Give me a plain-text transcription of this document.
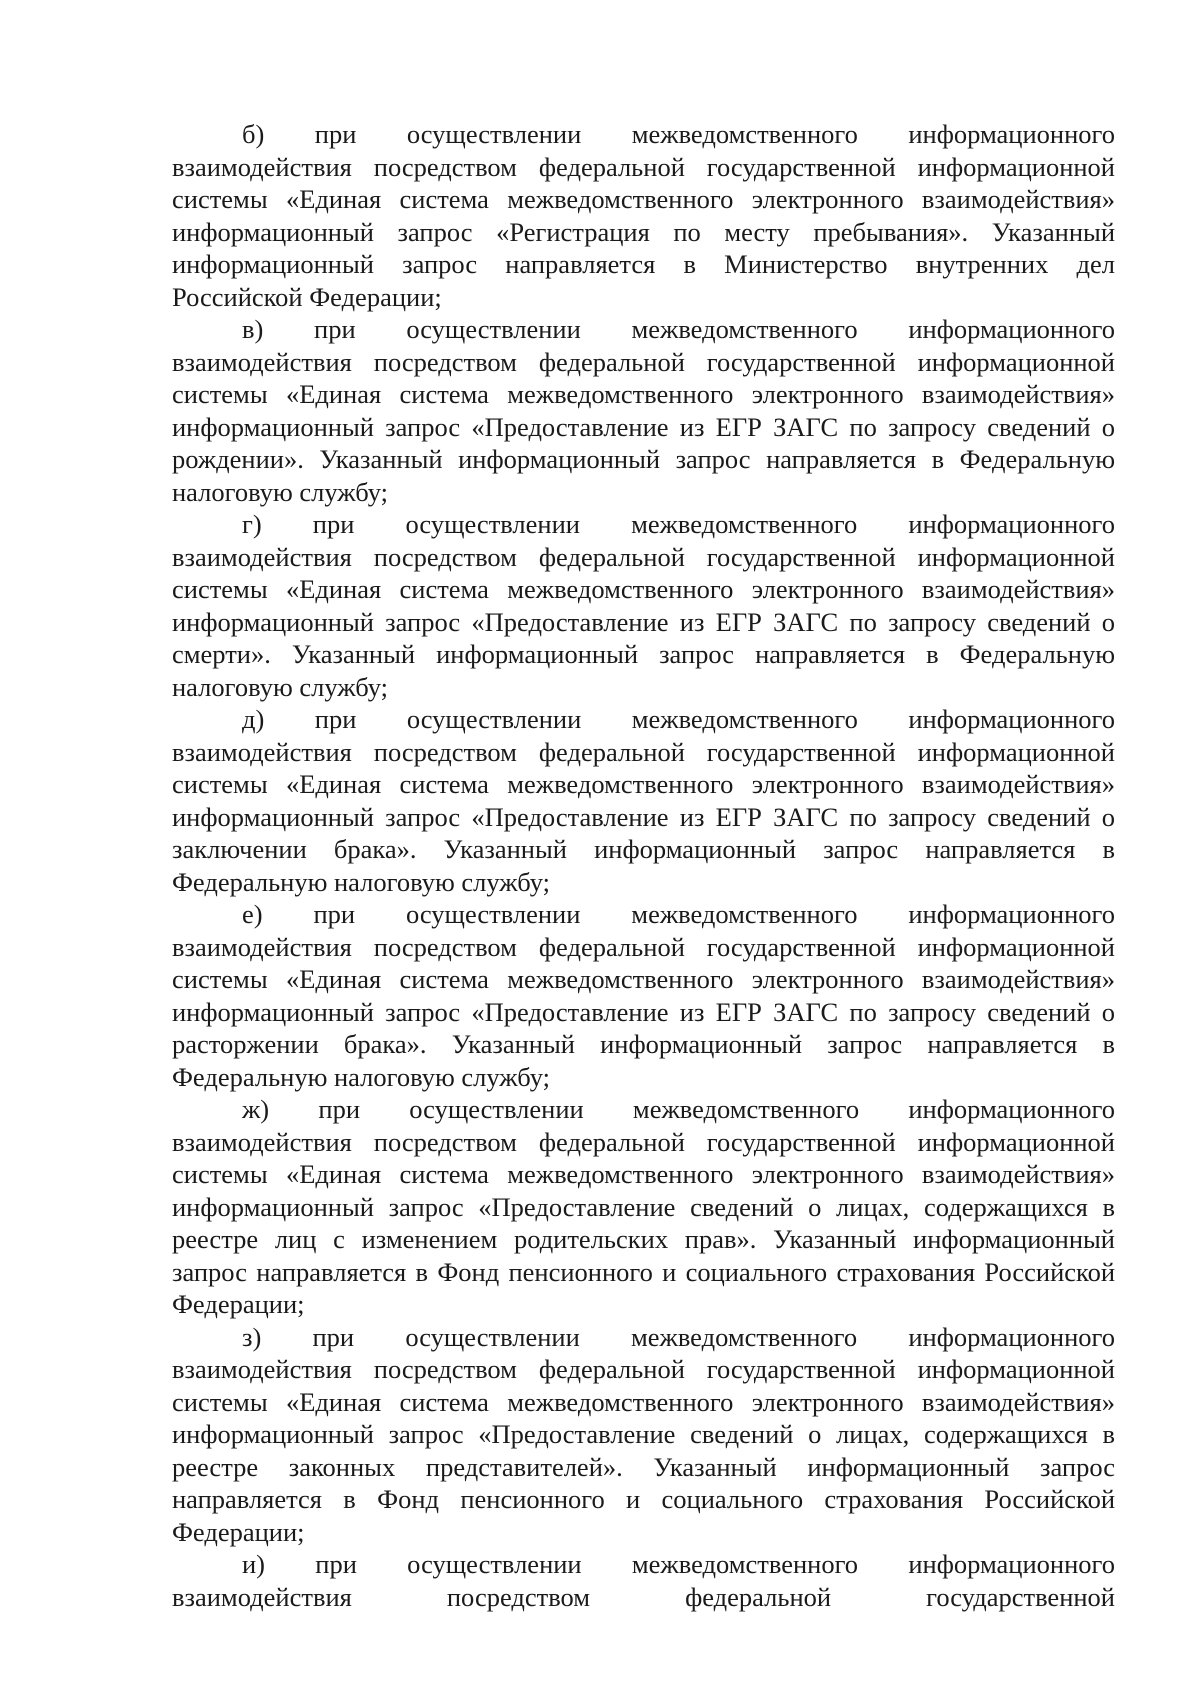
б) при осуществлении межведомственного информационного взаимодействия посредством федеральной государственной информационной системы «Единая система межведомственного электронного взаимодействия» информационный запрос «Регистрация по месту пребывания». Указанный информационный запрос направляется в Министерство внутренних дел Российской Федерации;

в) при осуществлении межведомственного информационного взаимодействия посредством федеральной государственной информационной системы «Единая система межведомственного электронного взаимодействия» информационный запрос «Предоставление из ЕГР ЗАГС по запросу сведений о рождении». Указанный информационный запрос направляется в Федеральную налоговую службу;

г) при осуществлении межведомственного информационного взаимодействия посредством федеральной государственной информационной системы «Единая система межведомственного электронного взаимодействия» информационный запрос «Предоставление из ЕГР ЗАГС по запросу сведений о смерти». Указанный информационный запрос направляется в Федеральную налоговую службу;

д) при осуществлении межведомственного информационного взаимодействия посредством федеральной государственной информационной системы «Единая система межведомственного электронного взаимодействия» информационный запрос «Предоставление из ЕГР ЗАГС по запросу сведений о заключении брака». Указанный информационный запрос направляется в Федеральную налоговую службу;

е) при осуществлении межведомственного информационного взаимодействия посредством федеральной государственной информационной системы «Единая система межведомственного электронного взаимодействия» информационный запрос «Предоставление из ЕГР ЗАГС по запросу сведений о расторжении брака». Указанный информационный запрос направляется в Федеральную налоговую службу;

ж) при осуществлении межведомственного информационного взаимодействия посредством федеральной государственной информационной системы «Единая система межведомственного электронного взаимодействия» информационный запрос «Предоставление сведений о лицах, содержащихся в реестре лиц с изменением родительских прав». Указанный информационный запрос направляется в Фонд пенсионного и социального страхования Российской Федерации;

з) при осуществлении межведомственного информационного взаимодействия посредством федеральной государственной информационной системы «Единая система межведомственного электронного взаимодействия» информационный запрос «Предоставление сведений о лицах, содержащихся в реестре законных представителей». Указанный информационный запрос направляется в Фонд пенсионного и социального страхования Российской Федерации;

и) при осуществлении межведомственного информационного взаимодействия посредством федеральной государственной
